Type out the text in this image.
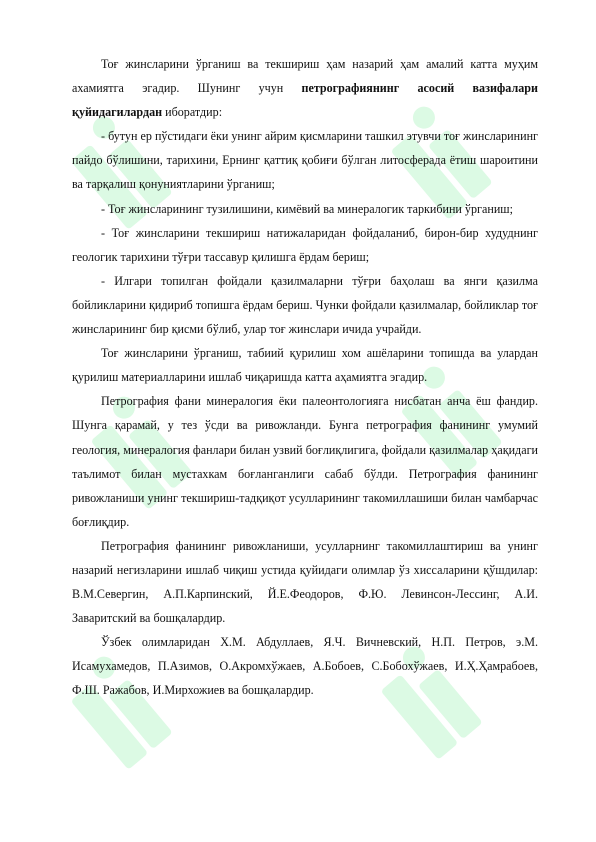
Тоғ жинсларини ўрганиш ва текшириш ҳам назарий ҳам амалий катта муҳим ахамиятга эгадир. Шунинг учун петрографиянинг асосий вазифалари қуйидагилардан иборатдир:

- бутун ер пўстидаги ёки унинг айрим қисмларини ташкил этувчи тоғ жинсларининг пайдо бўлишини, тарихини, Ернинг қаттиқ қобиғи бўлган литосферада ётиш шароитини ва тарқалиш қонуниятларини ўрганиш;

- Тоғ жинсларининг тузилишини, кимёвий ва минералогик таркибини ўрганиш;

- Тоғ жинсларини текшириш натижаларидан фойдаланиб, бирон-бир худуднинг геологик тарихини тўғри тассавур қилишга ёрдам бериш;

- Илгари топилган фойдали қазилмаларни тўғри баҳолаш ва янги қазилма бойликларини қидириб топишга ёрдам бериш. Чунки фойдали қазилмалар, бойликлар тоғ жинсларининг бир қисми бўлиб, улар тоғ жинслари ичида учрайди.

Тоғ жинсларини ўрганиш, табиий қурилиш хом ашёларини топишда ва улардан қурилиш материалларини ишлаб чиқаришда катта аҳамиятга эгадир.

Петрография фани минералогия ёки палеонтологияга нисбатан анча ёш фандир. Шунга қарамай, у тез ўсди ва ривожланди. Бунга петрография фанининг умумий геология, минералогия фанлари билан узвий боғлиқлигига, фойдали қазилмалар ҳақидаги таълимот билан мустахкам боғланганлиги сабаб бўлди. Петрография фанининг ривожланиши унинг текшириш-тадқиқот усулларининг такомиллашиши билан чамбарчас боғлиқдир.

Петрография фанининг ривожланиши, усулларнинг такомиллаштириш ва унинг назарий негизларини ишлаб чиқиш устида қуйидаги олимлар ўз хиссаларини қўшдилар: В.М.Севергин, А.П.Карпинский, Й.Е.Феодоров, Ф.Ю. Левинсон-Лессинг, А.И. Заваритский ва бошқалардир.

Ўзбек олимларидан Х.М. Абдуллаев, Я.Ч. Вичневский, Н.П. Петров, э.М. Исамухамедов, П.Азимов, О.Акромхўжаев, А.Бобоев, С.Бобохўжаев, И.Ҳ.Ҳамрабоев, Ф.Ш. Ражабов, И.Мирхожиев ва бошқалардир.
